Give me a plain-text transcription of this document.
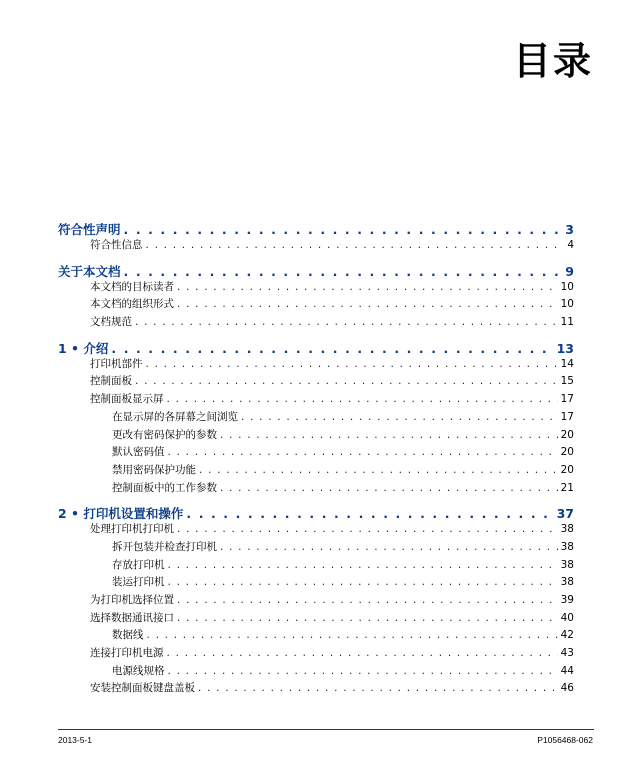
目录
符合性声明 . . .	3
符合性信息 . . .	4
关于本文档 . . .	9
本文档的目标读者 . . .	10
本文档的组织形式 . . .	10
文档规范 . . .	11
1 • 介绍 . . .	13
打印机部件 . . .	14
控制面板 . . .	15
控制面板显示屏 . . .	17
在显示屏的各屏幕之间浏览 . . .	17
更改有密码保护的参数 . . .	20
默认密码值 . . .	20
禁用密码保护功能 . . .	20
控制面板中的工作参数 . . .	21
2 • 打印机设置和操作 . . .	37
处理打印机打印机 . . .	38
拆开包装并检查打印机 . . .	38
存放打印机 . . .	38
装运打印机 . . .	38
为打印机选择位置 . . .	39
选择数据通讯接口 . . .	40
数据线 . . .	42
连接打印机电源 . . .	43
电源线规格 . . .	44
安装控制面板键盘盖板 . . .	46
2013-5-1	P1056468-062
